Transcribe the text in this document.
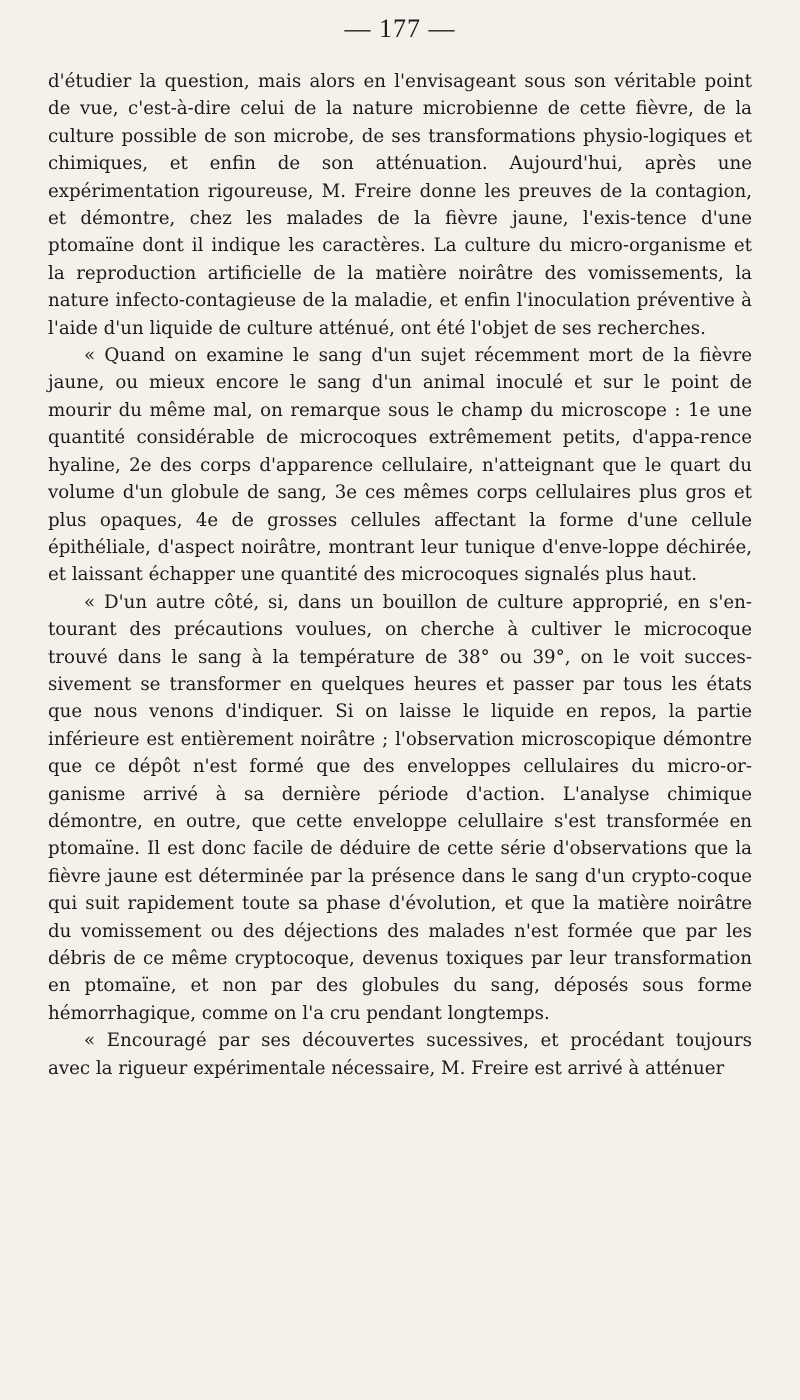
— 177 —

d'étudier la question, mais alors en l'envisageant sous son véritable point de vue, c'est-à-dire celui de la nature microbienne de cette fièvre, de la culture possible de son microbe, de ses transformations physio-logiques et chimiques, et enfin de son atténuation. Aujourd'hui, après une expérimentation rigoureuse, M. Freire donne les preuves de la contagion, et démontre, chez les malades de la fièvre jaune, l'exis-tence d'une ptomaïne dont il indique les caractères. La culture du micro-organisme et la reproduction artificielle de la matière noirâtre des vomissements, la nature infecto-contagieuse de la maladie, et enfin l'inoculation préventive à l'aide d'un liquide de culture atténué, ont été l'objet de ses recherches.

« Quand on examine le sang d'un sujet récemment mort de la fièvre jaune, ou mieux encore le sang d'un animal inoculé et sur le point de mourir du même mal, on remarque sous le champ du microscope : 1e une quantité considérable de microcoques extrêmement petits, d'appa-rence hyaline, 2e des corps d'apparence cellulaire, n'atteignant que le quart du volume d'un globule de sang, 3e ces mêmes corps cellulaires plus gros et plus opaques, 4e de grosses cellules affectant la forme d'une cellule épithéliale, d'aspect noirâtre, montrant leur tunique d'enve-loppe déchirée, et laissant échapper une quantité des microcoques signalés plus haut.

« D'un autre côté, si, dans un bouillon de culture approprié, en s'en-tourant des précautions voulues, on cherche à cultiver le microcoque trouvé dans le sang à la température de 38° ou 39°, on le voit succes-sivement se transformer en quelques heures et passer par tous les états que nous venons d'indiquer. Si on laisse le liquide en repos, la partie inférieure est entièrement noirâtre ; l'observation microscopique démontre que ce dépôt n'est formé que des enveloppes cellulaires du micro-or-ganisme arrivé à sa dernière période d'action. L'analyse chimique démontre, en outre, que cette enveloppe celullaire s'est transformée en ptomaïne. Il est donc facile de déduire de cette série d'observations que la fièvre jaune est déterminée par la présence dans le sang d'un crypto-coque qui suit rapidement toute sa phase d'évolution, et que la matière noirâtre du vomissement ou des déjections des malades n'est formée que par les débris de ce même cryptocoque, devenus toxiques par leur transformation en ptomaïne, et non par des globules du sang, déposés sous forme hémorrhagique, comme on l'a cru pendant longtemps.

« Encouragé par ses découvertes sucessives, et procédant toujours avec la rigueur expérimentale nécessaire, M. Freire est arrivé à atténuer
